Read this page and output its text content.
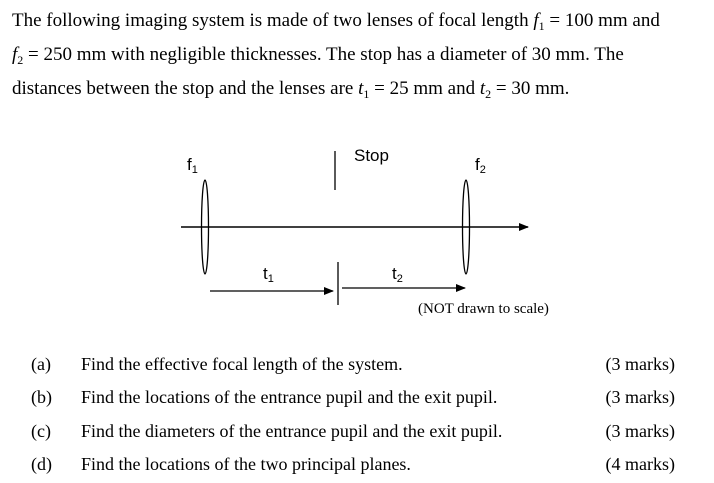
The following imaging system is made of two lenses of focal length $f_1 = 100$ mm and
$f_2 = 250$ mm with negligible thicknesses. The stop has a diameter of 30 mm. The
distances between the stop and the lenses are $t_1 = 25$ mm and $t_2 = 30$ mm.
$f_1$
Stop	$f_2$
$t_1$	$t_2$
(NOT drawn to scale)
(a) Find the effective focal length of the system.	(3 marks)
(b) Find the locations of the entrance pupil and the exit pupil.	(3 marks)
(c) Find the diameters of the entrance pupil and the exit pupil.	(3 marks)
(d) Find the locations of the two principal planes.	(4 marks)
